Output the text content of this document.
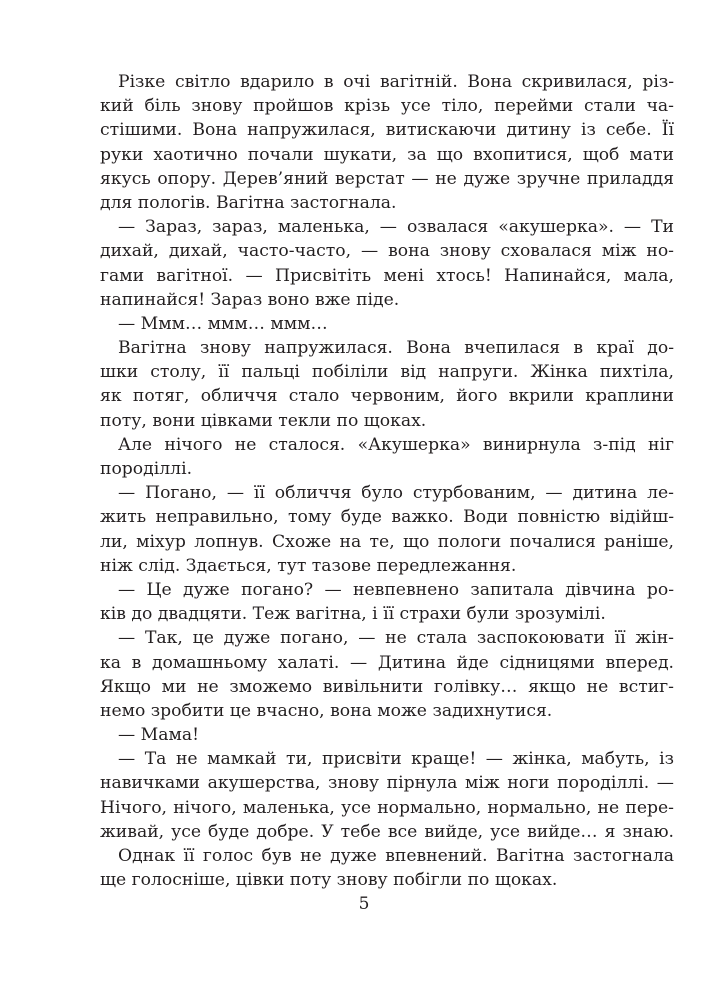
Різке світло вдарило в очі вагітній. Вона скривилася, різ-
кий біль знову пройшов крізь усе тіло, перейми стали ча-
стішими. Вона напружилася, витискаючи дитину із себе. Її
руки хаотично почали шукати, за що вхопитися, щоб мати
якусь опору. Дерев’яний верстат — не дуже зручне приладдя
для пологів. Вагітна застогнала.
— Зараз, зараз, маленька, — озвалася «акушерка». — Ти
дихай, дихай, часто-часто, — вона знову сховалася між но-
гами вагітної. — Присвітіть мені хтось! Напинайся, мала,
напинайся! Зараз воно вже піде.
— Ммм… ммм… ммм…
Вагітна знову напружилася. Вона вчепилася в краї до-
шки столу, її пальці побіліли від напруги. Жінка пихтіла,
як потяг, обличчя стало червоним, його вкрили краплини
поту, вони цівками текли по щоках.
Але нічого не сталося. «Акушерка» винирнула з-під ніг
породіллі.
— Погано, — її обличчя було стурбованим, — дитина ле-
жить неправильно, тому буде важко. Води повністю відійш-
ли, міхур лопнув. Схоже на те, що пологи почалися раніше,
ніж слід. Здається, тут тазове передлежання.
— Це дуже погано? — невпевнено запитала дівчина ро-
ків до двадцяти. Теж вагітна, і її страхи були зрозумілі.
— Так, це дуже погано, — не стала заспокоювати її жін-
ка в домашньому халаті. — Дитина йде сідницями вперед.
Якщо ми не зможемо вивільнити голівку… якщо не встиг-
немо зробити це вчасно, вона може задихнутися.
— Мама!
— Та не мамкай ти, присвіти краще! — жінка, мабуть, із
навичками акушерства, знову пірнула між ноги породіллі. —
Нічого, нічого, маленька, усе нормально, нормально, не пере-
живай, усе буде добре. У тебе все вийде, усе вийде… я знаю.
Однак її голос був не дуже впевнений. Вагітна застогнала
ще голосніше, цівки поту знову побігли по щоках.
5
